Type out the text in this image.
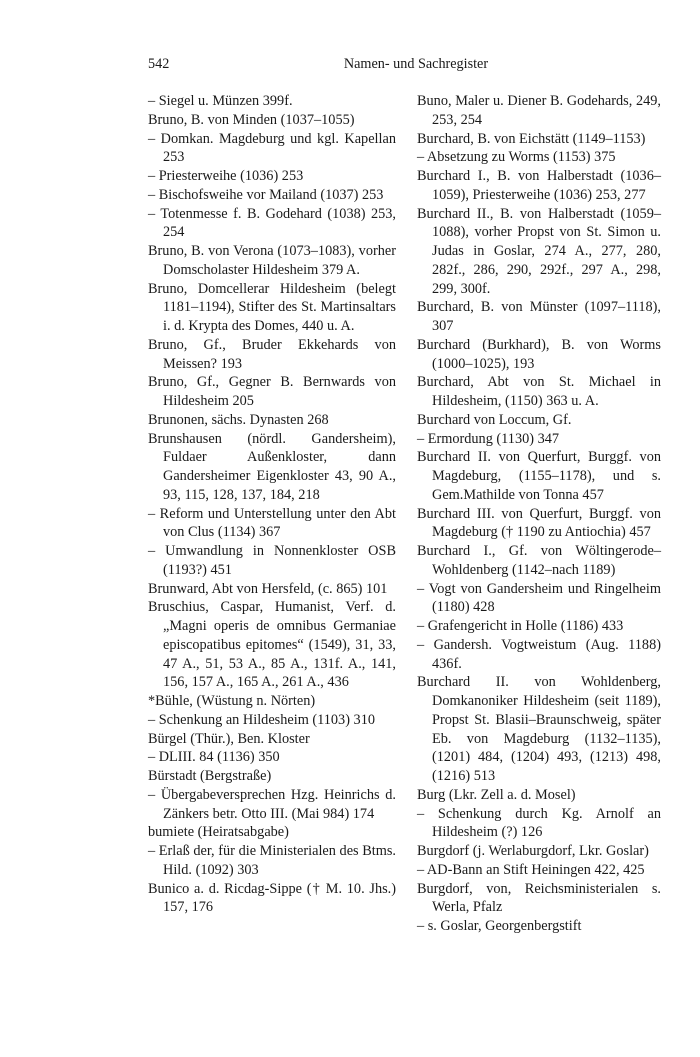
542	Namen- und Sachregister

– Siegel u. Münzen 399f.

Bruno, B. von Minden (1037–1055)

– Domkan. Magdeburg und kgl. Kapellan 253

– Priesterweihe (1036) 253

– Bischofsweihe vor Mailand (1037) 253

– Totenmesse f. B. Godehard (1038) 253, 254

Bruno, B. von Verona (1073–1083), vorher Domscholaster Hildesheim 379 A.

Bruno, Domcellerar Hildesheim (belegt 1181–1194), Stifter des St. Martinsaltars i. d. Krypta des Domes, 440 u. A.

Bruno, Gf., Bruder Ekkehards von Meissen? 193

Bruno, Gf., Gegner B. Bernwards von Hildesheim 205

Brunonen, sächs. Dynasten 268

Brunshausen (nördl. Gandersheim), Fuldaer Außenkloster, dann Gandersheimer Eigenkloster 43, 90 A., 93, 115, 128, 137, 184, 218

– Reform und Unterstellung unter den Abt von Clus (1134) 367

– Umwandlung in Nonnenkloster OSB (1193?) 451

Brunward, Abt von Hersfeld, (c. 865) 101

Bruschius, Caspar, Humanist, Verf. d. „Magni operis de omnibus Germaniae episcopatibus epitomes“ (1549), 31, 33, 47 A., 51, 53 A., 85 A., 131f. A., 141, 156, 157 A., 165 A., 261 A., 436

*Bühle, (Wüstung n. Nörten)

– Schenkung an Hildesheim (1103) 310

Bürgel (Thür.), Ben. Kloster

– DLIII. 84 (1136) 350

Bürstadt (Bergstraße)

– Übergabeversprechen Hzg. Heinrichs d. Zänkers betr. Otto III. (Mai 984) 174

bumiete (Heiratsabgabe)

– Erlaß der, für die Ministerialen des Btms. Hild. (1092) 303

Bunico a. d. Ricdag-Sippe († M. 10. Jhs.) 157, 176

Buno, Maler u. Diener B. Godehards, 249, 253, 254

Burchard, B. von Eichstätt (1149–1153)

– Absetzung zu Worms (1153) 375

Burchard I., B. von Halberstadt (1036–1059), Priesterweihe (1036) 253, 277

Burchard II., B. von Halberstadt (1059–1088), vorher Propst von St. Simon u. Judas in Goslar, 274 A., 277, 280, 282f., 286, 290, 292f., 297 A., 298, 299, 300f.

Burchard, B. von Münster (1097–1118), 307

Burchard (Burkhard), B. von Worms (1000–1025), 193

Burchard, Abt von St. Michael in Hildesheim, (1150) 363 u. A.

Burchard von Loccum, Gf.

– Ermordung (1130) 347

Burchard II. von Querfurt, Burggf. von Magdeburg, (1155–1178), und s. Gem.Mathilde von Tonna 457

Burchard III. von Querfurt, Burggf. von Magdeburg († 1190 zu Antiochia) 457

Burchard I., Gf. von Wöltingerode–Wohldenberg (1142–nach 1189)

– Vogt von Gandersheim und Ringelheim (1180) 428

– Grafengericht in Holle (1186) 433

– Gandersh. Vogtweistum (Aug. 1188) 436f.

Burchard II. von Wohldenberg, Domkanoniker Hildesheim (seit 1189), Propst St. Blasii–Braunschweig, später Eb. von Magdeburg (1132–1135), (1201) 484, (1204) 493, (1213) 498, (1216) 513

Burg (Lkr. Zell a. d. Mosel)

– Schenkung durch Kg. Arnolf an Hildesheim (?) 126

Burgdorf (j. Werlaburgdorf, Lkr. Goslar)

– AD-Bann an Stift Heiningen 422, 425

Burgdorf, von, Reichsministerialen s. Werla, Pfalz

– s. Goslar, Georgenbergstift
